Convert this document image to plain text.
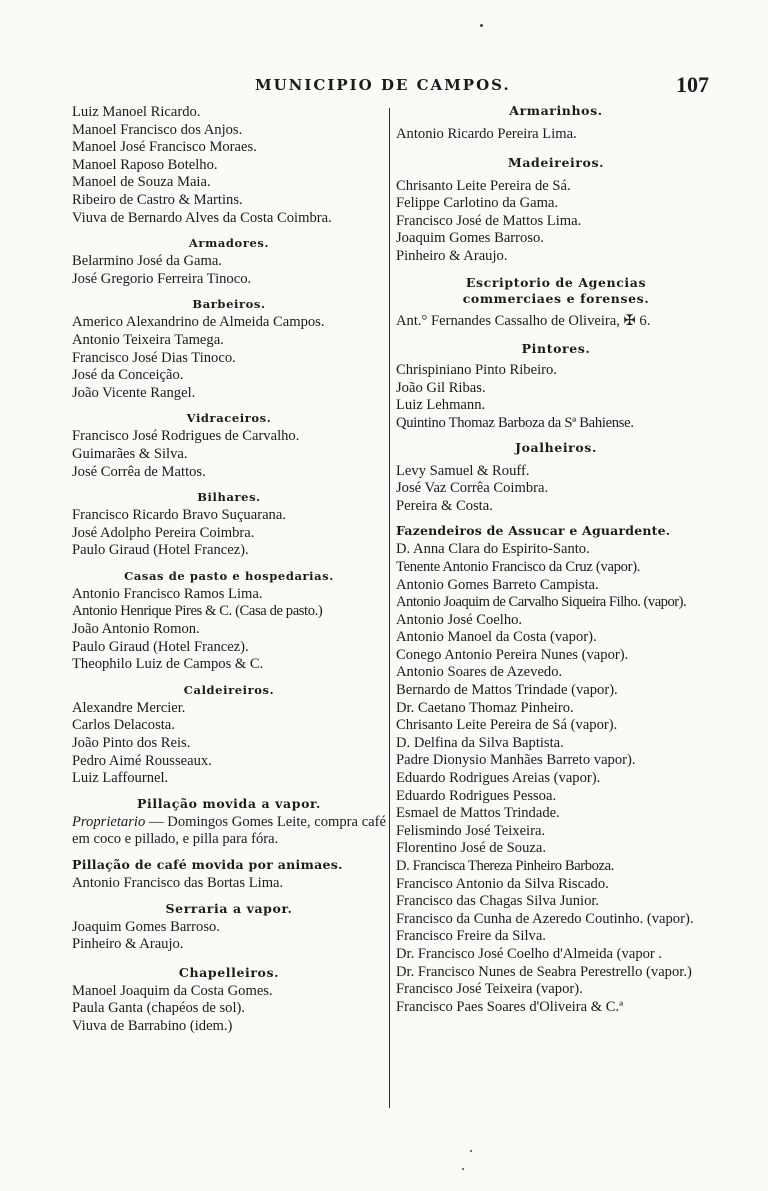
MUNICIPIO DE CAMPOS.	107
Luiz Manoel Ricardo.
Manoel Francisco dos Anjos.
Manoel José Francisco Moraes.
Manoel Raposo Botelho.
Manoel de Souza Maia.
Ribeiro de Castro & Martins.
Viuva de Bernardo Alves da Costa Coimbra.
Armadores.
Belarmino José da Gama.
José Gregorio Ferreira Tinoco.
Barbeiros.
Americo Alexandrino de Almeida Campos.
Antonio Teixeira Tamega.
Francisco José Dias Tinoco.
José da Conceição.
João Vicente Rangel.
Vidraceiros.
Francisco José Rodrigues de Carvalho.
Guimarães & Silva.
José Corrêa de Mattos.
Bilhares.
Francisco Ricardo Bravo Suçuarana.
José Adolpho Pereira Coimbra.
Paulo Giraud (Hotel Francez).
Casas de pasto e hospedarias.
Antonio Francisco Ramos Lima.
Antonio Henrique Pires & C. (Casa de pasto.)
João Antonio Romon.
Paulo Giraud (Hotel Francez).
Theophilo Luiz de Campos & C.
Caldeireiros.
Alexandre Mercier.
Carlos Delacosta.
João Pinto dos Reis.
Pedro Aimé Rousseaux.
Luiz Laffournel.
Pillação movida a vapor.
Proprietario — Domingos Gomes Leite, compra café em coco e pillado, e pilla para fóra.
Pillação de café movida por animaes.
Antonio Francisco das Bortas Lima.
Serraria a vapor.
Joaquim Gomes Barroso.
Pinheiro & Araujo.
Chapelleiros.
Manoel Joaquim da Costa Gomes.
Paula Ganta (chapéos de sol).
Viuva de Barrabino (idem.)
Armarinhos.
Antonio Ricardo Pereira Lima.
Madeireiros.
Chrisanto Leite Pereira de Sá.
Felippe Carlotino da Gama.
Francisco José de Mattos Lima.
Joaquim Gomes Barroso.
Pinheiro & Araujo.
Escriptorio de Agencias commerciaes e forenses.
Ant.° Fernandes Cassalho de Oliveira, ✠ 6.
Pintores.
Chrispiniano Pinto Ribeiro.
João Gil Ribas.
Luiz Lehmann.
Quintino Thomaz Barboza da Sª Bahiense.
Joalheiros.
Levy Samuel & Rouff.
José Vaz Corrêa Coimbra.
Pereira & Costa.
Fazendeiros de Assucar e Aguardente.
D. Anna Clara do Espirito-Santo.
Tenente Antonio Francisco da Cruz (vapor).
Antonio Gomes Barreto Campista.
Antonio Joaquim de Carvalho Siqueira Filho. (vapor).
Antonio José Coelho.
Antonio Manoel da Costa (vapor).
Conego Antonio Pereira Nunes (vapor).
Antonio Soares de Azevedo.
Bernardo de Mattos Trindade (vapor).
Dr. Caetano Thomaz Pinheiro.
Chrisanto Leite Pereira de Sá (vapor).
D. Delfina da Silva Baptista.
Padre Dionysio Manhães Barreto vapor).
Eduardo Rodrigues Areias (vapor).
Eduardo Rodrigues Pessoa.
Esmael de Mattos Trindade.
Felismindo José Teixeira.
Florentino José de Souza.
D. Francisca Thereza Pinheiro Barboza.
Francisco Antonio da Silva Riscado.
Francisco das Chagas Silva Junior.
Francisco da Cunha de Azeredo Coutinho. (vapor).
Francisco Freire da Silva.
Dr. Francisco José Coelho d'Almeida (vapor .
Dr. Francisco Nunes de Seabra Perestrello (vapor.)
Francisco José Teixeira (vapor).
Francisco Paes Soares d'Oliveira & C.ª
